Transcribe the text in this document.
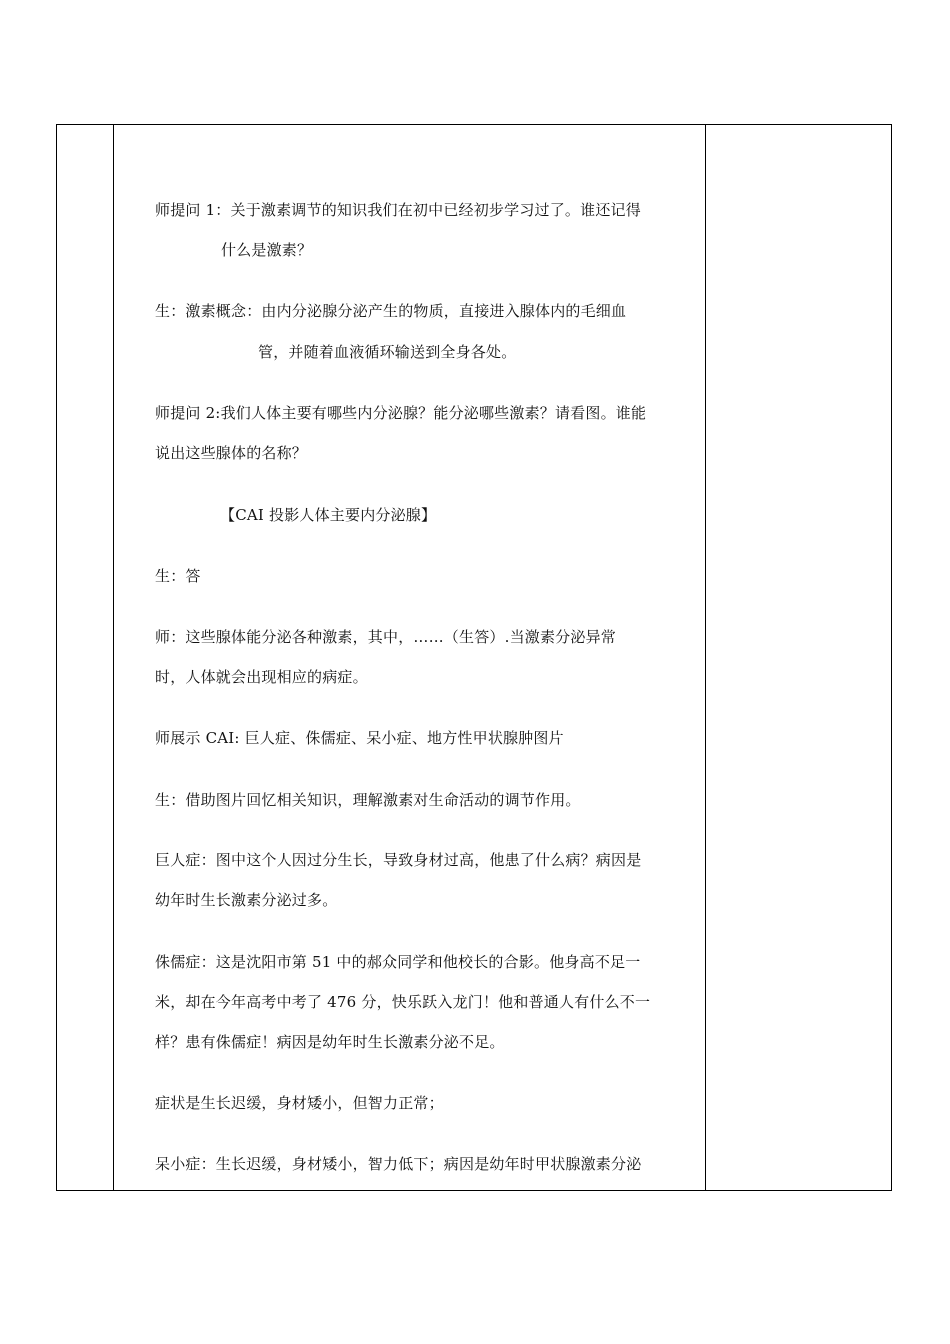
师提问 1：关于激素调节的知识我们在初中已经初步学习过了。谁还记得
什么是激素？
生：激素概念：由内分泌腺分泌产生的物质，直接进入腺体内的毛细血
管，并随着血液循环输送到全身各处。
师提问 2:我们人体主要有哪些内分泌腺？能分泌哪些激素？请看图。谁能
说出这些腺体的名称？
【CAI 投影人体主要内分泌腺】
生：答
师：这些腺体能分泌各种激素，其中，……（生答）.当激素分泌异常
时，人体就会出现相应的病症。
师展示 CAI: 巨人症、侏儒症、呆小症、地方性甲状腺肿图片
生：借助图片回忆相关知识，理解激素对生命活动的调节作用。
巨人症：图中这个人因过分生长，导致身材过高，他患了什么病？病因是
幼年时生长激素分泌过多。
侏儒症：这是沈阳市第 51 中的郝众同学和他校长的合影。他身高不足一
米，却在今年高考中考了 476 分，快乐跃入龙门！他和普通人有什么不一
样？患有侏儒症！病因是幼年时生长激素分泌不足。
症状是生长迟缓，身材矮小，但智力正常；
呆小症：生长迟缓，身材矮小，智力低下；病因是幼年时甲状腺激素分泌
